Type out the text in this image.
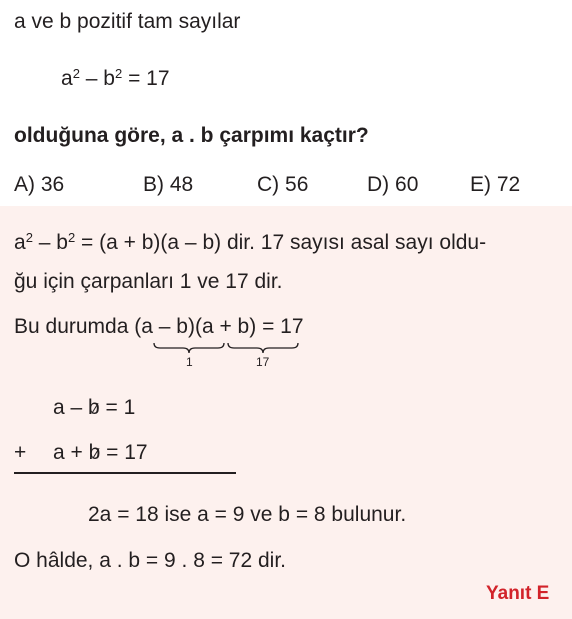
a ve b pozitif tam sayılar
$a^2 - b^2 = 17$
olduğuna göre, a . b çarpımı kaçtır?
A) 36	B) 48	C) 56	D) 60 E) 72
$a^2 - b^2 = (a + b)(a - b)$ dir. 17 sayısı asal sayı oldu-
ğu için çarpanları 1 ve 17 dir.
Bu durumda (a – b)(a + b) = 17
1	17
a – b = 1
+ a + b = 17
2a = 18 ise a = 9 ve b = 8 bulunur.
O hâlde, a . b = 9 . 8 = 72 dir.
Yanıt E
